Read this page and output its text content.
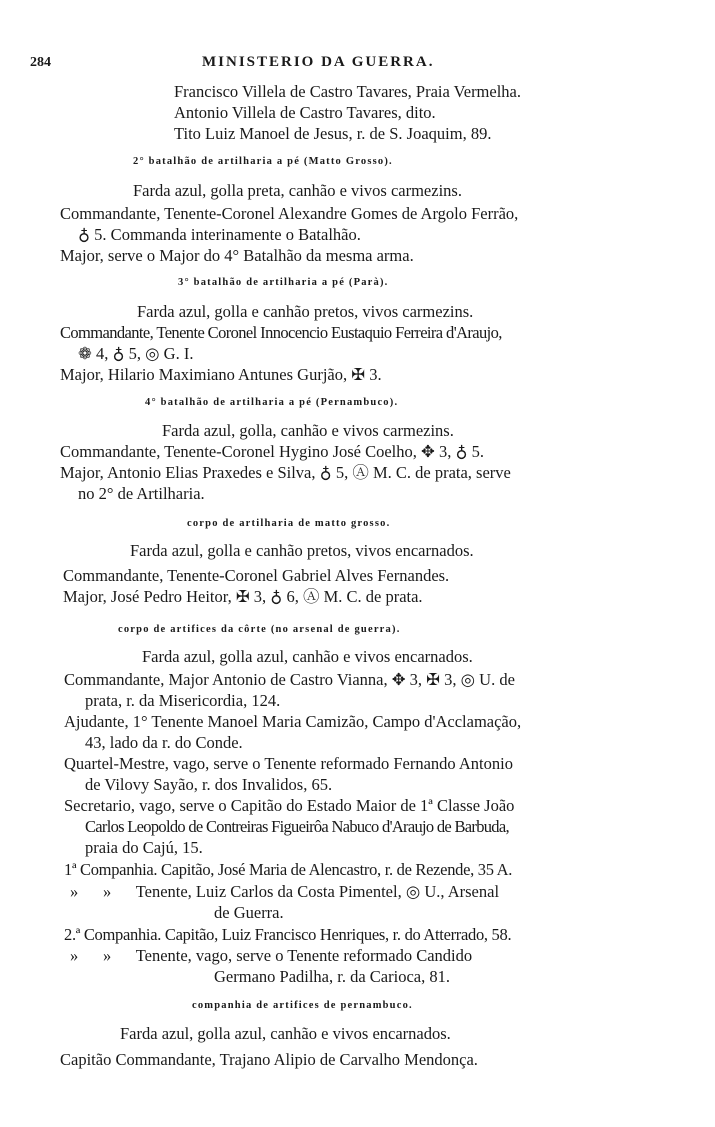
284	MINISTERIO DA GUERRA.
Francisco Villela de Castro Tavares, Praia Vermelha.
Antonio Villela de Castro Tavares, dito.
Tito Luiz Manoel de Jesus, r. de S. Joaquim, 89.
2° batalhão de artilharia a pé (Matto Grosso).
Farda azul, golla preta, canhão e vivos carmezins.
Commandante, Tenente-Coronel Alexandre Gomes de Argolo Ferrão,
♁ 5. Commanda interinamente o Batalhão.
Major, serve o Major do 4° Batalhão da mesma arma.
3° batalhão de artilharia a pé (Parà).
Farda azul, golla e canhão pretos, vivos carmezins.
Commandante, Tenente Coronel Innocencio Eustaquio Ferreira d'Araujo,
❁ 4, ♁ 5, ◎ G. I.
Major, Hilario Maximiano Antunes Gurjão, ✠ 3.
4° batalhão de artilharia a pé (Pernambuco).
Farda azul, golla, canhão e vivos carmezins.
Commandante, Tenente-Coronel Hygino José Coelho, ✥ 3, ♁ 5.
Major, Antonio Elias Praxedes e Silva, ♁ 5, Ⓐ M. C. de prata, serve
no 2° de Artilharia.
corpo de artilharia de matto grosso.
Farda azul, golla e canhão pretos, vivos encarnados.
Commandante, Tenente-Coronel Gabriel Alves Fernandes.
Major, José Pedro Heitor, ✠ 3, ♁ 6, Ⓐ M. C. de prata.
corpo de artifices da côrte (no arsenal de guerra).
Farda azul, golla azul, canhão e vivos encarnados.
Commandante, Major Antonio de Castro Vianna, ✥ 3, ✠ 3, ◎ U. de
prata, r. da Misericordia, 124.
Ajudante, 1° Tenente Manoel Maria Camizão, Campo d'Acclamação,
43, lado da r. do Conde.
Quartel-Mestre, vago, serve o Tenente reformado Fernando Antonio
de Vilovy Sayão, r. dos Invalidos, 65.
Secretario, vago, serve o Capitão do Estado Maior de 1ª Classe João
Carlos Leopoldo de Contreiras Figueirôa Nabuco d'Araujo de Barbuda,
praia do Cajú, 15.
1ª Companhia. Capitão, José Maria de Alencastro, r. de Rezende, 35 A.
»      »      Tenente, Luiz Carlos da Costa Pimentel, ◎ U., Arsenal
de Guerra.
2.ª Companhia. Capitão, Luiz Francisco Henriques, r. do Atterrado, 58.
»      »      Tenente, vago, serve o Tenente reformado Candido
Germano Padilha, r. da Carioca, 81.
companhia de artifices de pernambuco.
Farda azul, golla azul, canhão e vivos encarnados.
Capitão Commandante, Trajano Alipio de Carvalho Mendonça.
